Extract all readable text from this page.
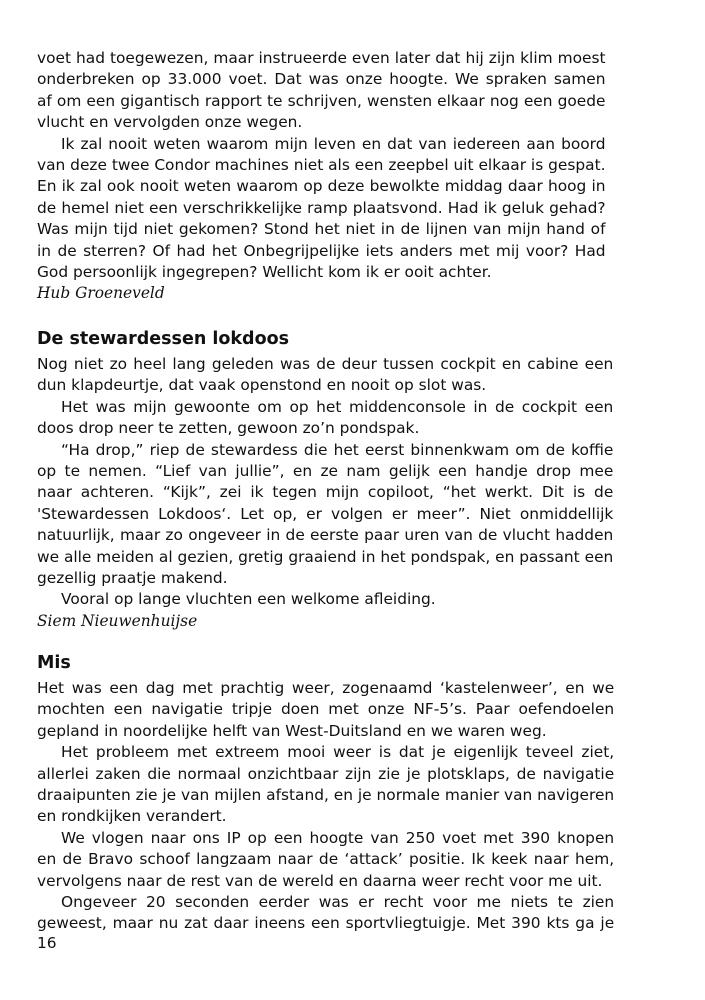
voet had toegewezen, maar instrueerde even later dat hij zijn klim moest
onderbreken op 33.000 voet. Dat was onze hoogte. We spraken samen
af om een gigantisch rapport te schrijven, wensten elkaar nog een goede
vlucht en vervolgden onze wegen.
Ik zal nooit weten waarom mijn leven en dat van iedereen aan boord
van deze twee Condor machines niet als een zeepbel uit elkaar is gespat.
En ik zal ook nooit weten waarom op deze bewolkte middag daar hoog in
de hemel niet een verschrikkelijke ramp plaatsvond. Had ik geluk gehad?
Was mijn tijd niet gekomen? Stond het niet in de lijnen van mijn hand of
in de sterren? Of had het Onbegrijpelijke iets anders met mij voor? Had
God persoonlijk ingegrepen? Wellicht kom ik er ooit achter.
Hub Groeneveld
De stewardessen lokdoos
Nog niet zo heel lang geleden was de deur tussen cockpit en cabine een
dun klapdeurtje, dat vaak openstond en nooit op slot was.
Het was mijn gewoonte om op het middenconsole in de cockpit een
doos drop neer te zetten, gewoon zo’n pondspak.
“Ha drop,” riep de stewardess die het eerst binnenkwam om de koffie
op te nemen. “Lief van jullie”, en ze nam gelijk een handje drop mee
naar achteren. “Kijk”, zei ik tegen mijn copiloot, “het werkt. Dit is de
'Stewardessen Lokdoos‘. Let op, er volgen er meer”. Niet onmiddellijk
natuurlijk, maar zo ongeveer in de eerste paar uren van de vlucht hadden
we alle meiden al gezien, gretig graaiend in het pondspak, en passant een
gezellig praatje makend.
Vooral op lange vluchten een welkome afleiding.
Siem Nieuwenhuijse
Mis
Het was een dag met prachtig weer, zogenaamd ‘kastelenweer’, en we
mochten een navigatie tripje doen met onze NF-5’s. Paar oefendoelen
gepland in noordelijke helft van West-Duitsland en we waren weg.
Het probleem met extreem mooi weer is dat je eigenlijk teveel ziet,
allerlei zaken die normaal onzichtbaar zijn zie je plotsklaps, de navigatie
draaipunten zie je van mijlen afstand, en je normale manier van navigeren
en rondkijken verandert.
We vlogen naar ons IP op een hoogte van 250 voet met 390 knopen
en de Bravo schoof langzaam naar de ‘attack’ positie. Ik keek naar hem,
vervolgens naar de rest van de wereld en daarna weer recht voor me uit.
Ongeveer 20 seconden eerder was er recht voor me niets te zien
geweest, maar nu zat daar ineens een sportvliegtuigje. Met 390 kts ga je
16
